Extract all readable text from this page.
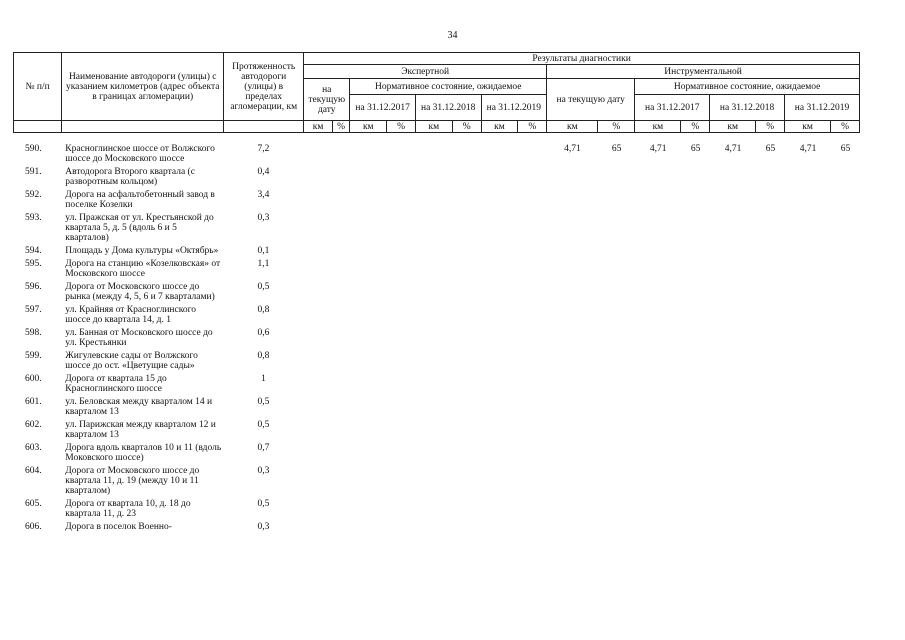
34
№ п/п	Наименование автодороги (улицы) с указанием километров (адрес объекта в границах агломерации)	Протяженность автодороги (улицы) в пределах агломерации, км	Результаты диагностики															
			Экспертной								Инструментальной							
			на текущую дату		Нормативное состояние, ожидаемое						на текущую дату		Нормативное состояние, ожидаемое					
					на 31.12.2017		на 31.12.2018		на 31.12.2019				на 31.12.2017		на 31.12.2018		на 31.12.2019	
			км	%	км	%	км	%	км	%	км	%	км	%	км	%	км	%
590.	Красноглинское шоссе от Волжского шоссе до Московского шоссе	7,2									4,71	65	4,71	65	4,71	65	4,71	65
591.	Автодорога Второго квартала (с разворотным кольцом)	0,4																
592.	Дорога на асфальтобетонный завод в поселке Козелки	3,4																
593.	ул. Пражская от ул. Крестьянской до квартала 5, д. 5 (вдоль 6 и 5 кварталов)	0,3																
594.	Площадь у Дома культуры «Октябрь»	0,1																
595.	Дорога на станцию «Козелковская» от Московского шоссе	1,1																
596.	Дорога от Московского шоссе до рынка (между 4, 5, 6 и 7 кварталами)	0,5																
597.	ул. Крайняя от Красноглинского шоссе до квартала 14, д. 1	0,8																
598.	ул. Банная от Московского шоссе до ул. Крестьянки	0,6																
599.	Жигулевские сады от Волжского шоссе до ост. «Цветущие сады»	0,8																
600.	Дорога от квартала 15 до Красноглинского шоссе	1																
601.	ул. Беловская между кварталом 14 и кварталом 13	0,5																
602.	ул. Парижская между кварталом 12 и кварталом 13	0,5																
603.	Дорога вдоль кварталов 10 и 11 (вдоль Моковского шоссе)	0,7																
604.	Дорога от Московского шоссе до квартала 11, д. 19 (между 10 и 11 кварталом)	0,3																
605.	Дорога от квартала 10, д. 18 до квартала 11, д. 23	0,5																
606.	Дорога в поселок Военно-	0,3																
